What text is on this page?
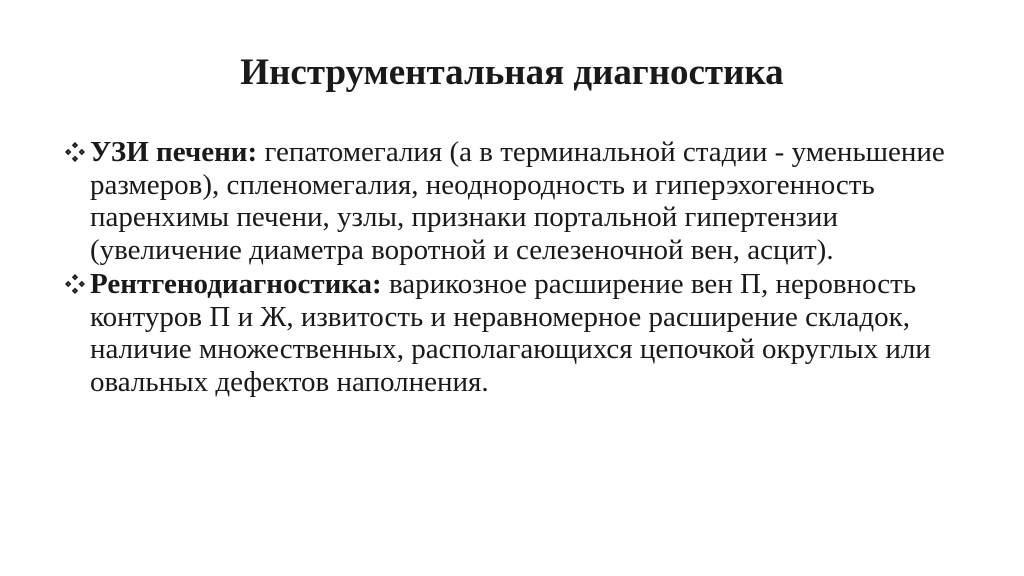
Инструментальная диагностика
УЗИ печени: гепатомегалия (а в терминальной стадии - уменьшение размеров), спленомегалия, неоднородность и гиперэхогенность паренхимы печени, узлы, признаки портальной гипертензии (увеличение диаметра воротной и селезеночной вен, асцит).
Рентгенодиагностика: варикозное расширение вен П, неровность контуров П и Ж, извитость и неравномерное расширение складок, наличие множественных, располагающихся цепочкой округлых или овальных дефектов наполнения.
